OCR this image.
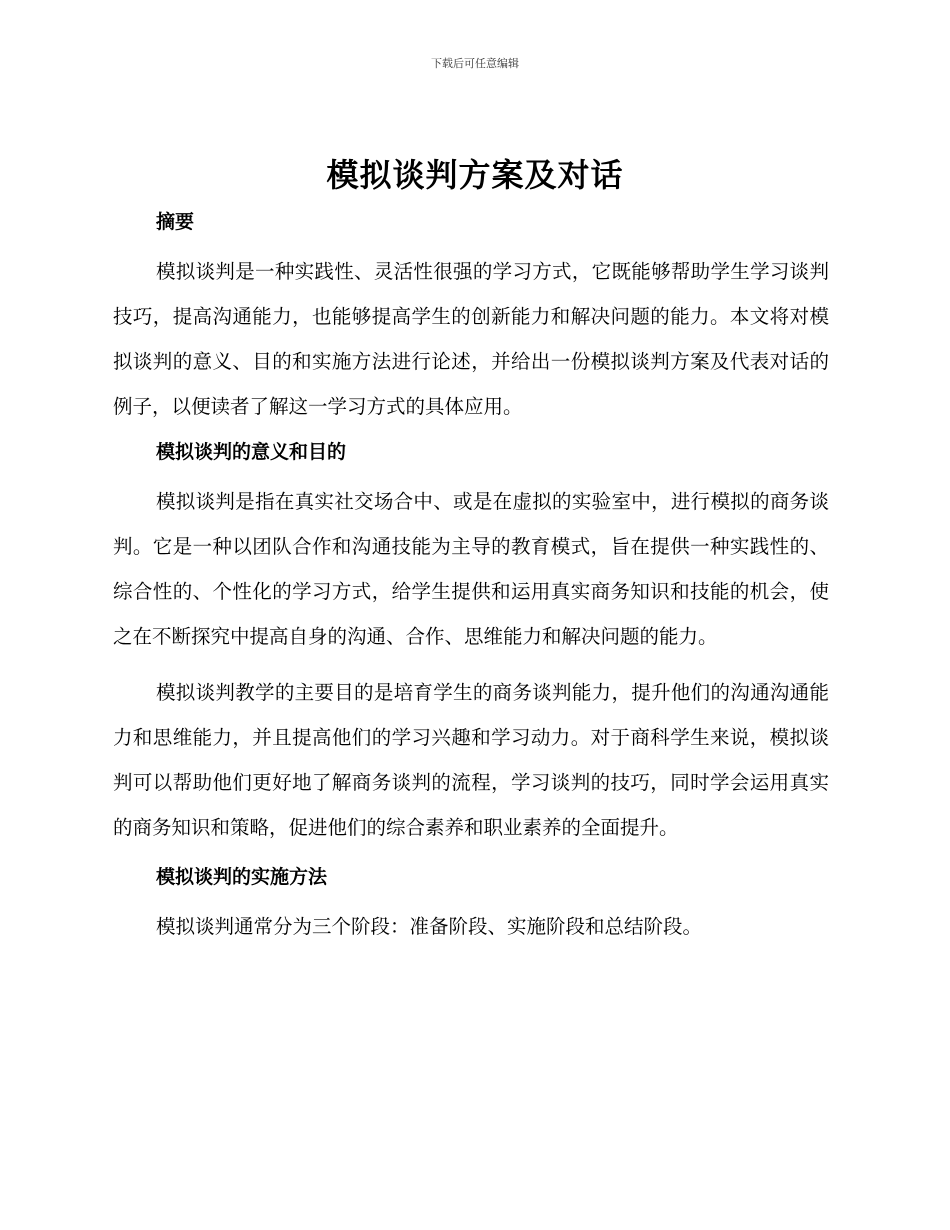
下载后可任意编辑
模拟谈判方案及对话
摘要

模拟谈判是一种实践性、灵活性很强的学习方式，它既能够帮助学生学习谈判技巧，提高沟通能力，也能够提高学生的创新能力和解决问题的能力。本文将对模拟谈判的意义、目的和实施方法进行论述，并给出一份模拟谈判方案及代表对话的例子，以便读者了解这一学习方式的具体应用。

模拟谈判的意义和目的

模拟谈判是指在真实社交场合中、或是在虚拟的实验室中，进行模拟的商务谈判。它是一种以团队合作和沟通技能为主导的教育模式，旨在提供一种实践性的、综合性的、个性化的学习方式，给学生提供和运用真实商务知识和技能的机会，使之在不断探究中提高自身的沟通、合作、思维能力和解决问题的能力。

模拟谈判教学的主要目的是培育学生的商务谈判能力，提升他们的沟通沟通能力和思维能力，并且提高他们的学习兴趣和学习动力。对于商科学生来说，模拟谈判可以帮助他们更好地了解商务谈判的流程，学习谈判的技巧，同时学会运用真实的商务知识和策略，促进他们的综合素养和职业素养的全面提升。

模拟谈判的实施方法

模拟谈判通常分为三个阶段：准备阶段、实施阶段和总结阶段。
